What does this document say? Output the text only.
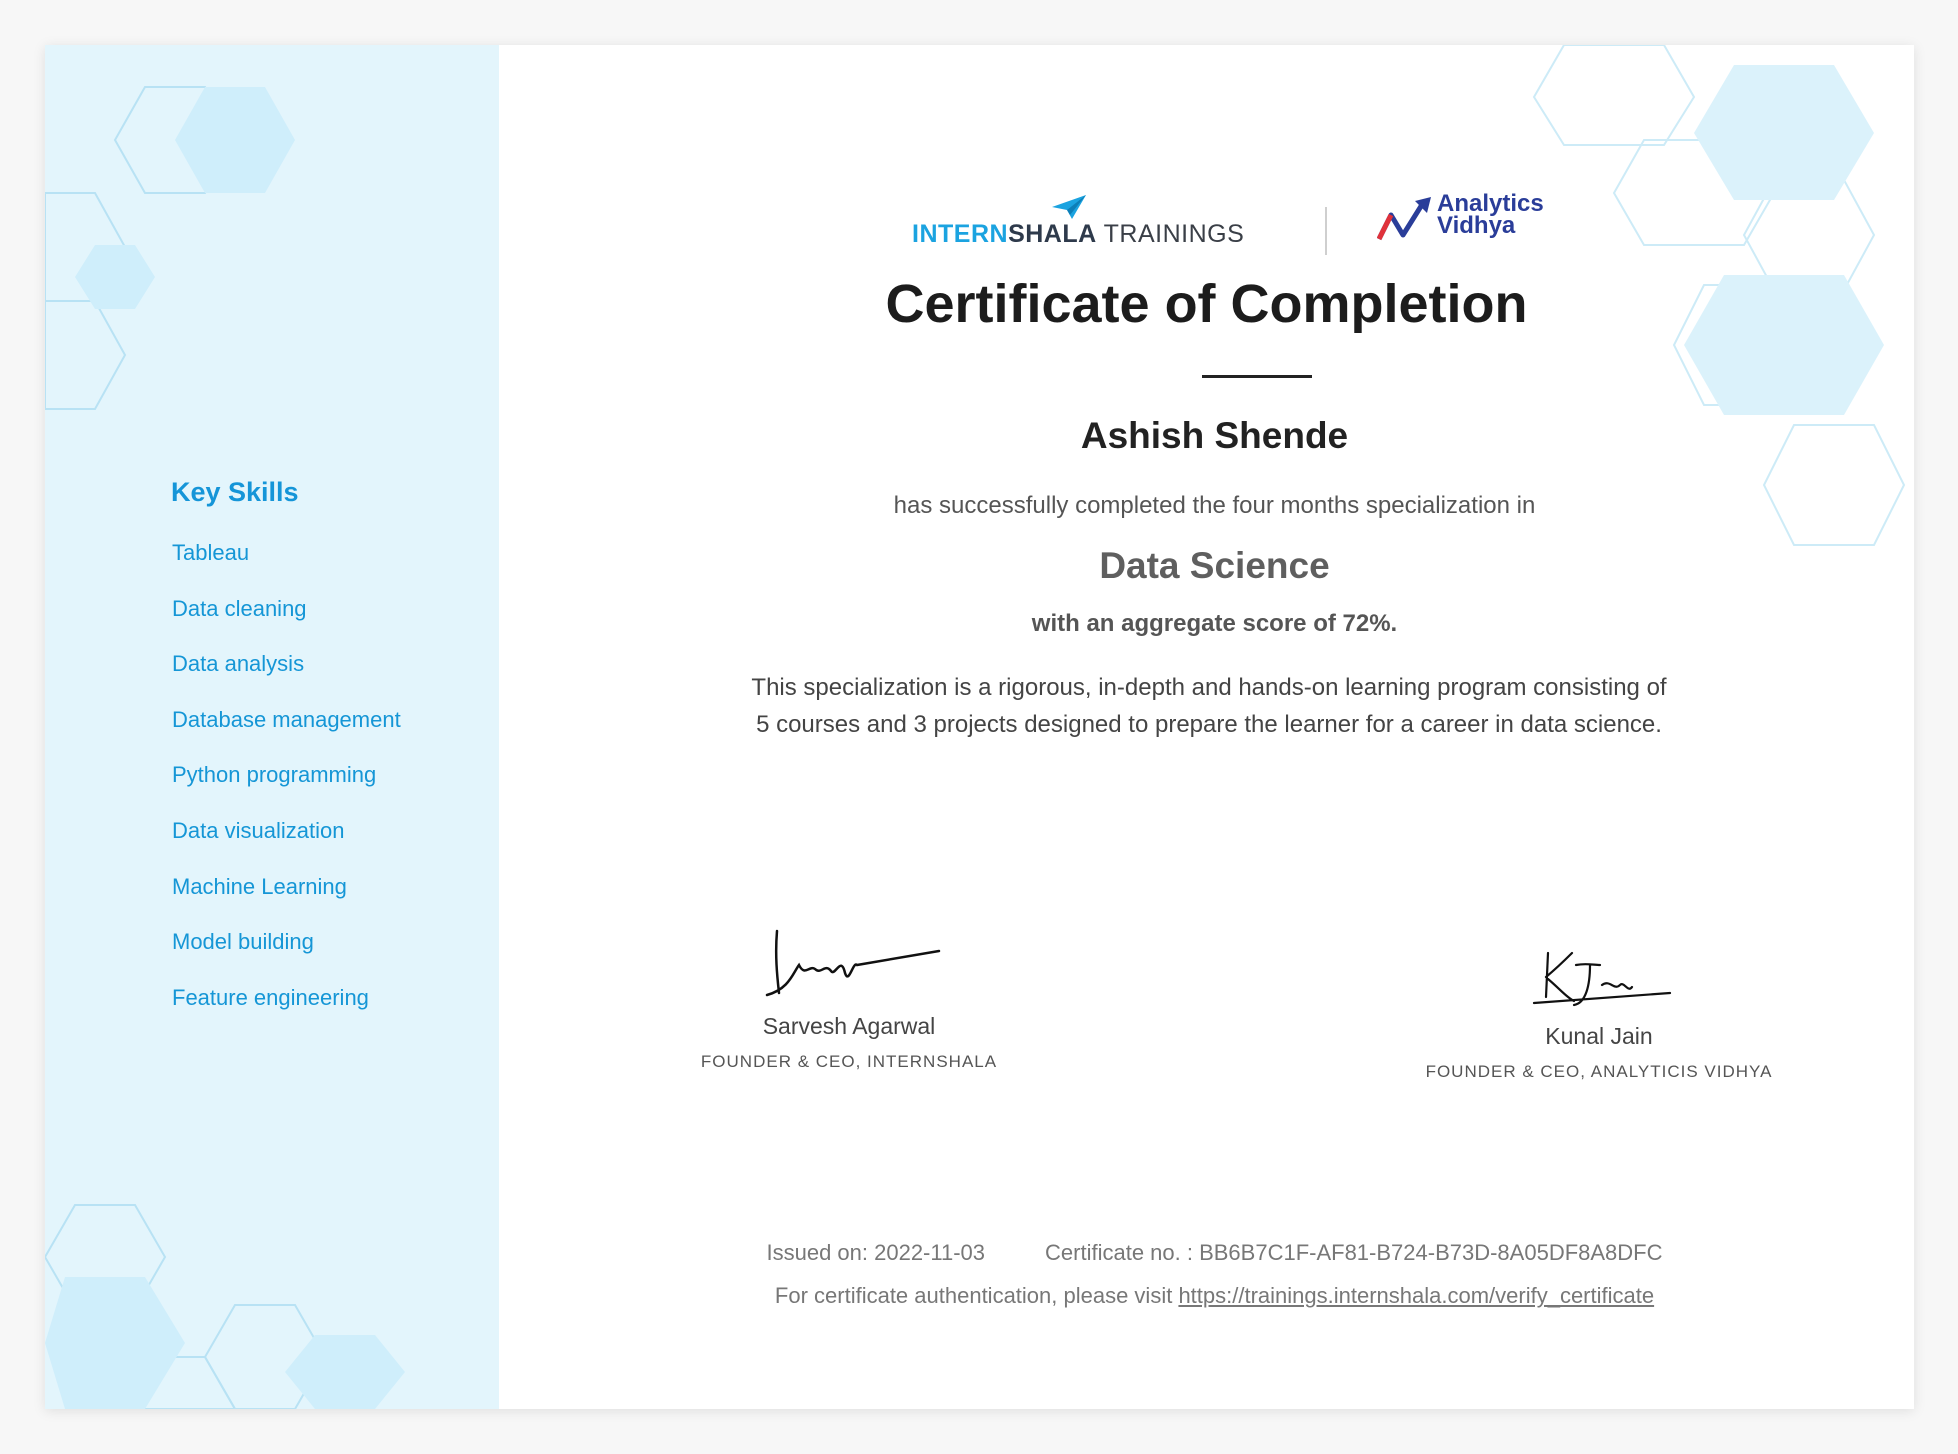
Key Skills
Tableau
Data cleaning
Data analysis
Database management
Python programming
Data visualization
Machine Learning
Model building
Feature engineering
INTERNSHALA TRAININGS
Analytics
Vidhya
Certificate of Completion
Ashish Shende
has successfully completed the four months specialization in
Data Science
with an aggregate score of 72%.
This specialization is a rigorous, in-depth and hands-on learning program consisting of
5 courses and 3 projects designed to prepare the learner for a career in data science.
Sarvesh Agarwal
FOUNDER & CEO, INTERNSHALA
Kunal Jain
FOUNDER & CEO, ANALYTICIS VIDHYA
Issued on: 2022-11-03	Certificate no. : BB6B7C1F-AF81-B724-B73D-8A05DF8A8DFC
For certificate authentication, please visit https://trainings.internshala.com/verify_certificate
